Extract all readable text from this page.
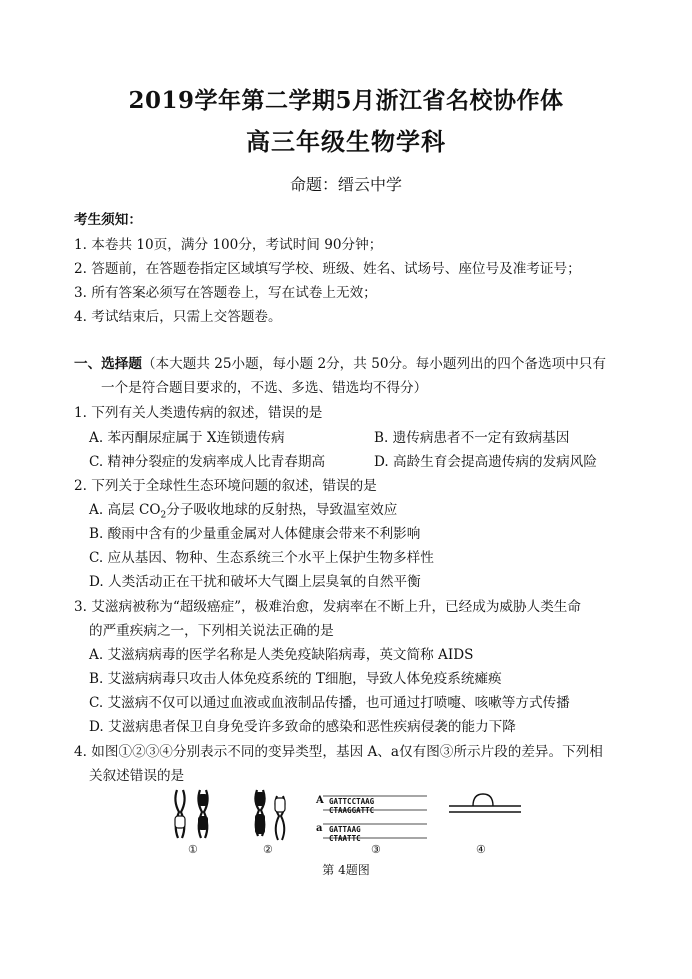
2019学年第二学期5月浙江省名校协作体
高三年级生物学科
命题：缙云中学
考生须知：
1. 本卷共 10页，满分 100分，考试时间 90分钟；
2. 答题前，在答题卷指定区域填写学校、班级、姓名、试场号、座位号及准考证号；
3. 所有答案必须写在答题卷上，写在试卷上无效；
4. 考试结束后，只需上交答题卷。
一、选择题（本大题共 25小题，每小题 2分，共 50分。每小题列出的四个备选项中只有
一个是符合题目要求的，不选、多选、错选均不得分）
1. 下列有关人类遗传病的叙述，错误的是
A. 苯丙酮尿症属于 X连锁遗传病	B. 遗传病患者不一定有致病基因
C. 精神分裂症的发病率成人比青春期高	D. 高龄生育会提高遗传病的发病风险
2. 下列关于全球性生态环境问题的叙述，错误的是
A. 高层 $CO_2$分子吸收地球的反射热，导致温室效应
B. 酸雨中含有的少量重金属对人体健康会带来不利影响
C. 应从基因、物种、生态系统三个水平上保护生物多样性
D. 人类活动正在干扰和破坏大气圈上层臭氧的自然平衡
3. 艾滋病被称为“超级癌症”，极难治愈，发病率在不断上升，已经成为威胁人类生命
的严重疾病之一，下列相关说法正确的是
A. 艾滋病病毒的医学名称是人类免疫缺陷病毒，英文简称 AIDS
B. 艾滋病病毒只攻击人体免疫系统的 T细胞，导致人体免疫系统瘫痪
C. 艾滋病不仅可以通过血液或血液制品传播，也可通过打喷嚏、咳嗽等方式传播
D. 艾滋病患者保卫自身免受许多致命的感染和恶性疾病侵袭的能力下降
4. 如图①②③④分别表示不同的变异类型，基因 A、a仅有图③所示片段的差异。下列相
关叙述错误的是
A GATTCCTAAG
CTAAGGATTC
a GATTAAG
CTAATTC
①	②	③	④
第 4题图
